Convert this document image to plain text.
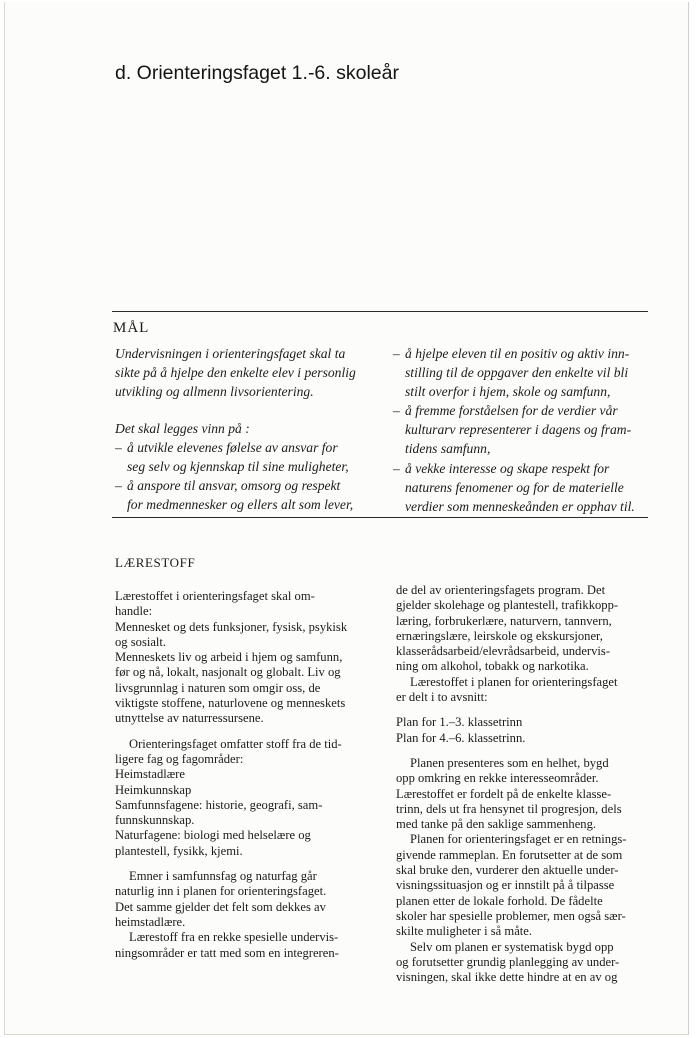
d. Orienteringsfaget 1.-6. skoleår
MÅL
Undervisningen i orienteringsfaget skal ta
sikte på å hjelpe den enkelte elev i personlig
utvikling og allmenn livsorientering.
Det skal legges vinn på :
– å utvikle elevenes følelse av ansvar for
seg selv og kjennskap til sine muligheter,
– å anspore til ansvar, omsorg og respekt
for medmennesker og ellers alt som lever,
– å hjelpe eleven til en positiv og aktiv inn-
stilling til de oppgaver den enkelte vil bli
stilt overfor i hjem, skole og samfunn,
– å fremme forståelsen for de verdier vår
kulturarv representerer i dagens og fram-
tidens samfunn,
– å vekke interesse og skape respekt for
naturens fenomener og for de materielle
verdier som menneskeånden er opphav til.
LÆRESTOFF

Lærestoffet i orienteringsfaget skal om-
handle:

Mennesket og dets funksjoner, fysisk, psykisk
og sosialt.

Menneskets liv og arbeid i hjem og samfunn,
før og nå, lokalt, nasjonalt og globalt. Liv og
livsgrunnlag i naturen som omgir oss, de
viktigste stoffene, naturlovene og menneskets
utnyttelse av naturressursene.

Orienteringsfaget omfatter stoff fra de tid-
ligere fag og fagområder:

Heimstadlære

Heimkunnskap

Samfunnsfagene: historie, geografi, sam-
funnskunnskap.

Naturfagene: biologi med helselære og
plantestell, fysikk, kjemi.

Emner i samfunnsfag og naturfag går
naturlig inn i planen for orienteringsfaget.
Det samme gjelder det felt som dekkes av
heimstadlære.

Lærestoff fra en rekke spesielle undervis-
ningsområder er tatt med som en integreren-

de del av orienteringsfagets program. Det
gjelder skolehage og plantestell, trafikkopp-
læring, forbrukerlære, naturvern, tannvern,
ernæringslære, leirskole og ekskursjoner,
klasserådsarbeid/elevrådsarbeid, undervis-
ning om alkohol, tobakk og narkotika.

Lærestoffet i planen for orienteringsfaget
er delt i to avsnitt:

Plan for 1.–3. klassetrinn

Plan for 4.–6. klassetrinn.

Planen presenteres som en helhet, bygd
opp omkring en rekke interesseområder.
Lærestoffet er fordelt på de enkelte klasse-
trinn, dels ut fra hensynet til progresjon, dels
med tanke på den saklige sammenheng.

Planen for orienteringsfaget er en retnings-
givende rammeplan. En forutsetter at de som
skal bruke den, vurderer den aktuelle under-
visningssituasjon og er innstilt på å tilpasse
planen etter de lokale forhold. De fådelte
skoler har spesielle problemer, men også sær-
skilte muligheter i så måte.

Selv om planen er systematisk bygd opp
og forutsetter grundig planlegging av under-
visningen, skal ikke dette hindre at en av og
